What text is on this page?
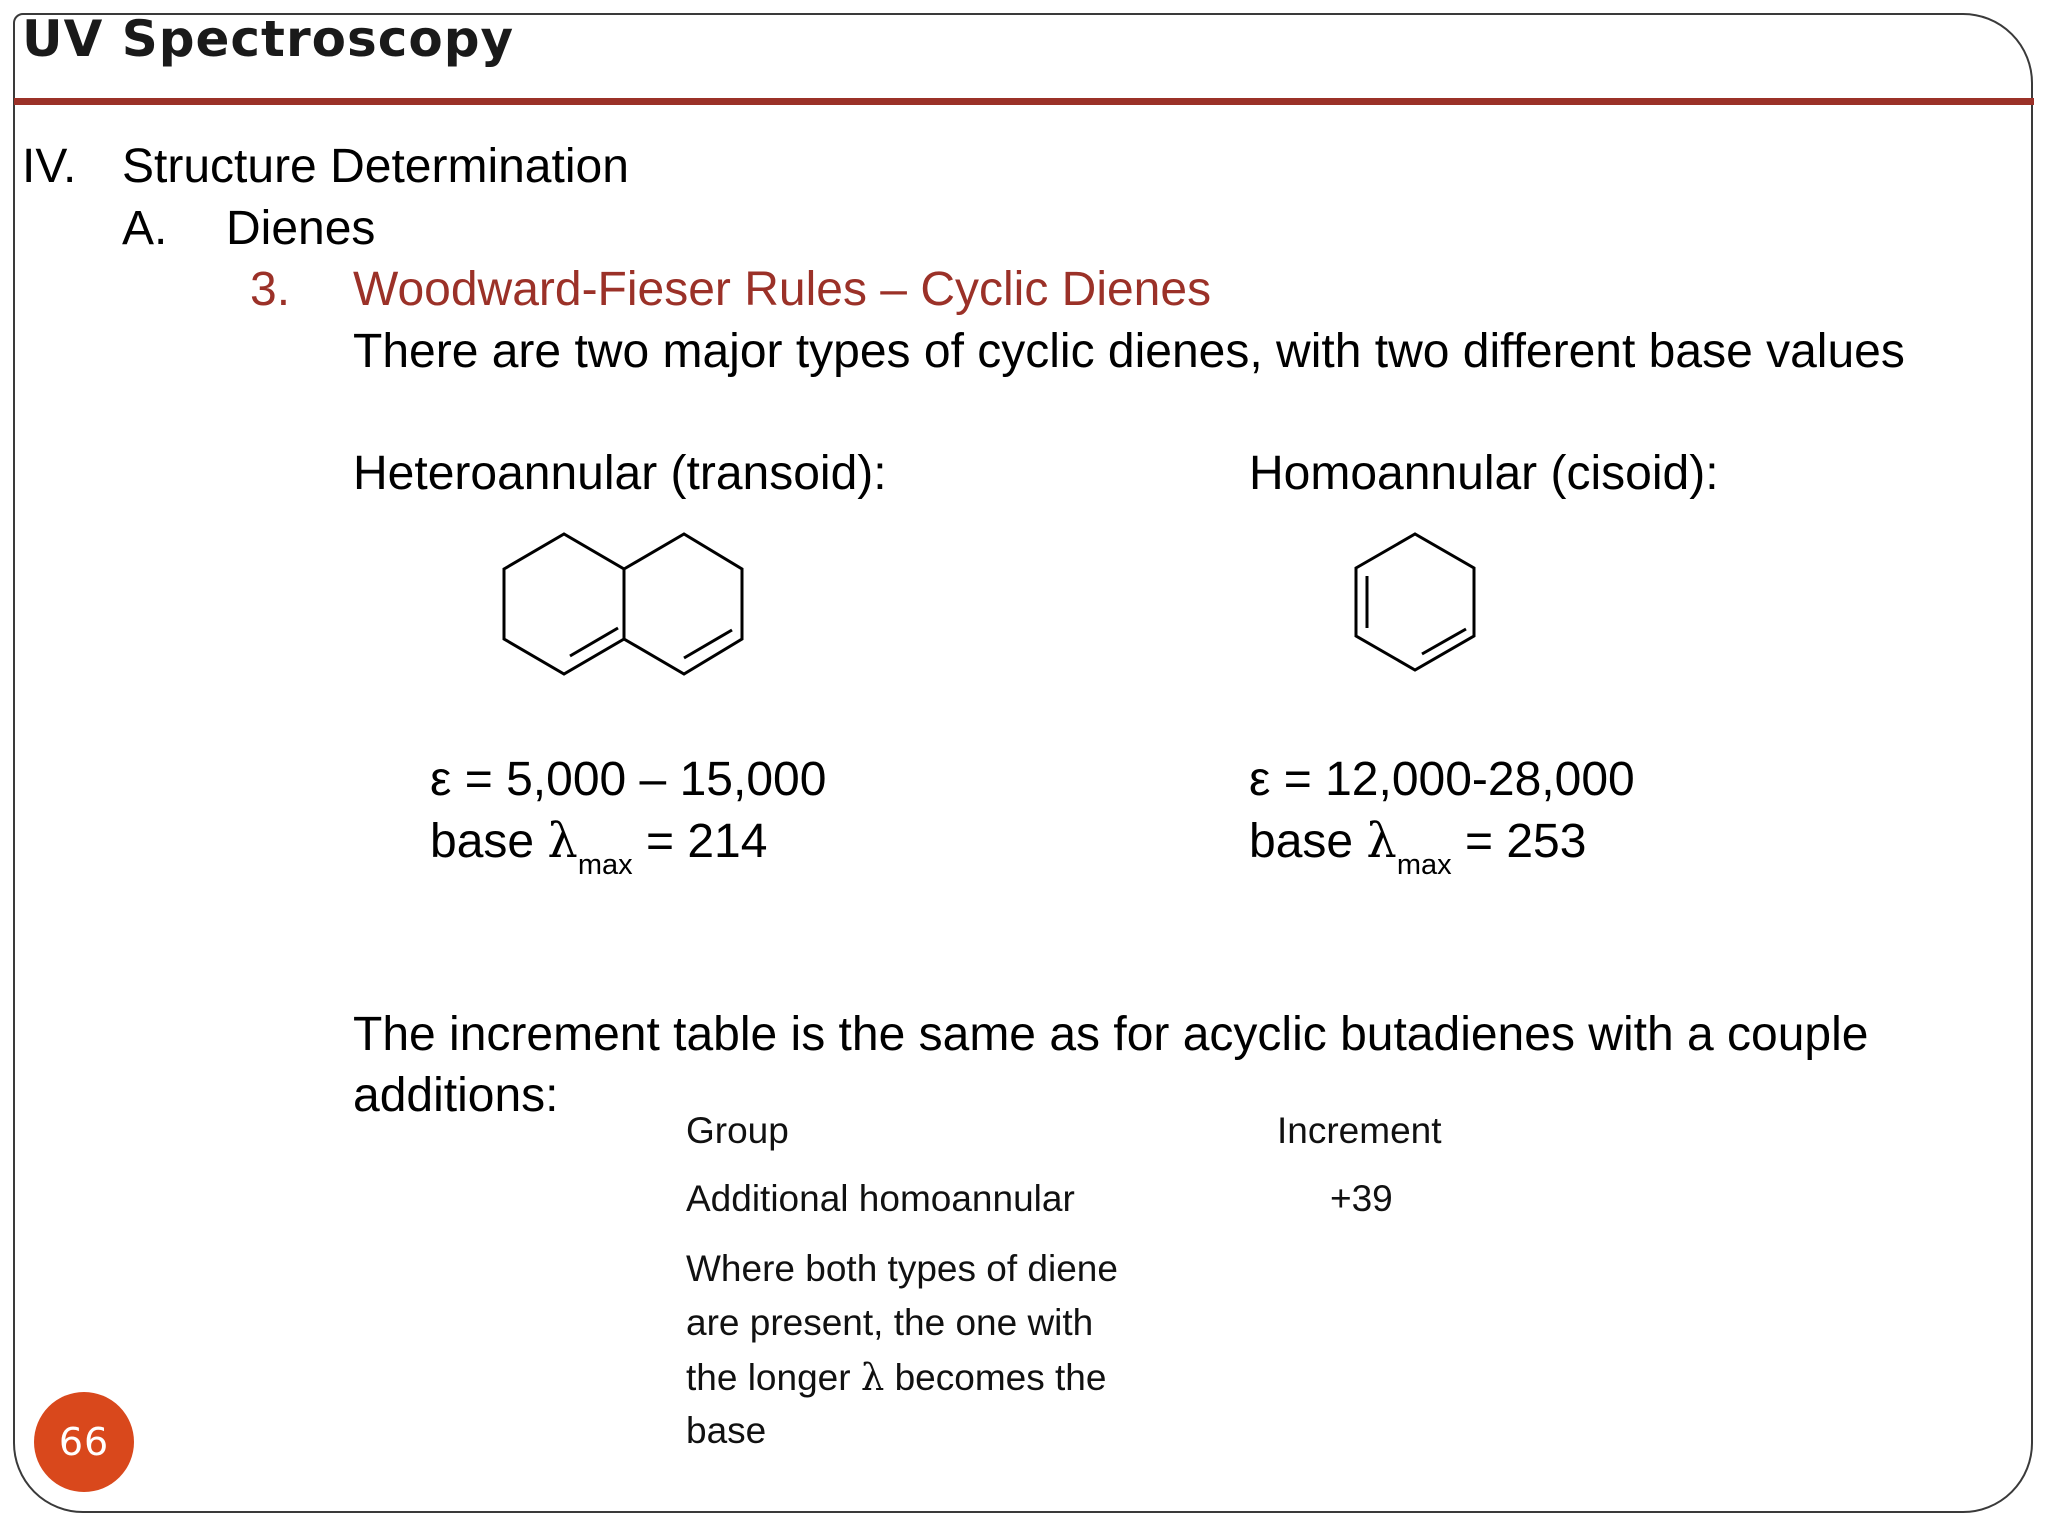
UV Spectroscopy
IV. Structure Determination
A. Dienes
3. Woodward-Fieser Rules – Cyclic Dienes
There are two major types of cyclic dienes, with two different base values
Heteroannular (transoid):	Homoannular (cisoid):
ε = 5,000 – 15,000
base $\lambda_{max} = 214$
ε = 12,000-28,000
base $\lambda_{max} = 253$
The increment table is the same as for acyclic butadienes with a couple
additions:
Group	Increment
Additional homoannular	+39
Where both types of diene
are present, the one with
the longer λ becomes the
base
66
